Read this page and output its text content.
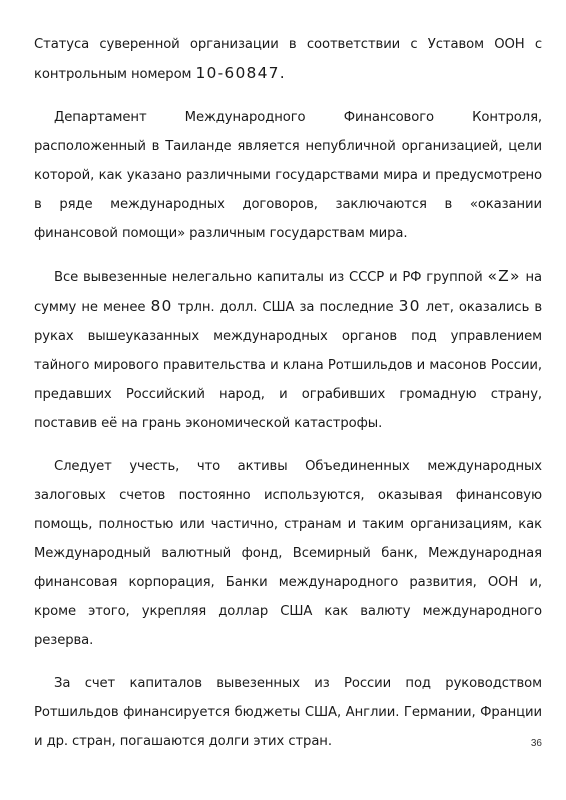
Статуса суверенной организации в соответствии с Уставом ООН с контрольным номером 10-60847.

Департамент Международного Финансового Контроля, расположенный в Таиланде является непубличной организацией, цели которой, как указано различными государствами мира и предусмотрено в ряде международных договоров, заключаются в «оказании финансовой помощи» различным государствам мира.

Все вывезенные нелегально капиталы из СССР и РФ группой «Z» на сумму не менее 80 трлн. долл. США за последние 30 лет, оказались в руках вышеуказанных международных органов под управлением тайного мирового правительства и клана Ротшильдов и масонов России, предавших Российский народ, и ограбивших громадную страну, поставив её на грань экономической катастрофы.

Следует учесть, что активы Объединенных международных залоговых счетов постоянно используются, оказывая финансовую помощь, полностью или частично, странам и таким организациям, как Международный валютный фонд, Всемирный банк, Международная финансовая корпорация, Банки международного развития, ООН и, кроме этого, укрепляя доллар США как валюту международного резерва.

За счет капиталов вывезенных из России под руководством Ротшильдов финансируется бюджеты США, Англии. Германии, Франции и др. стран, погашаются долги этих стран.	36
